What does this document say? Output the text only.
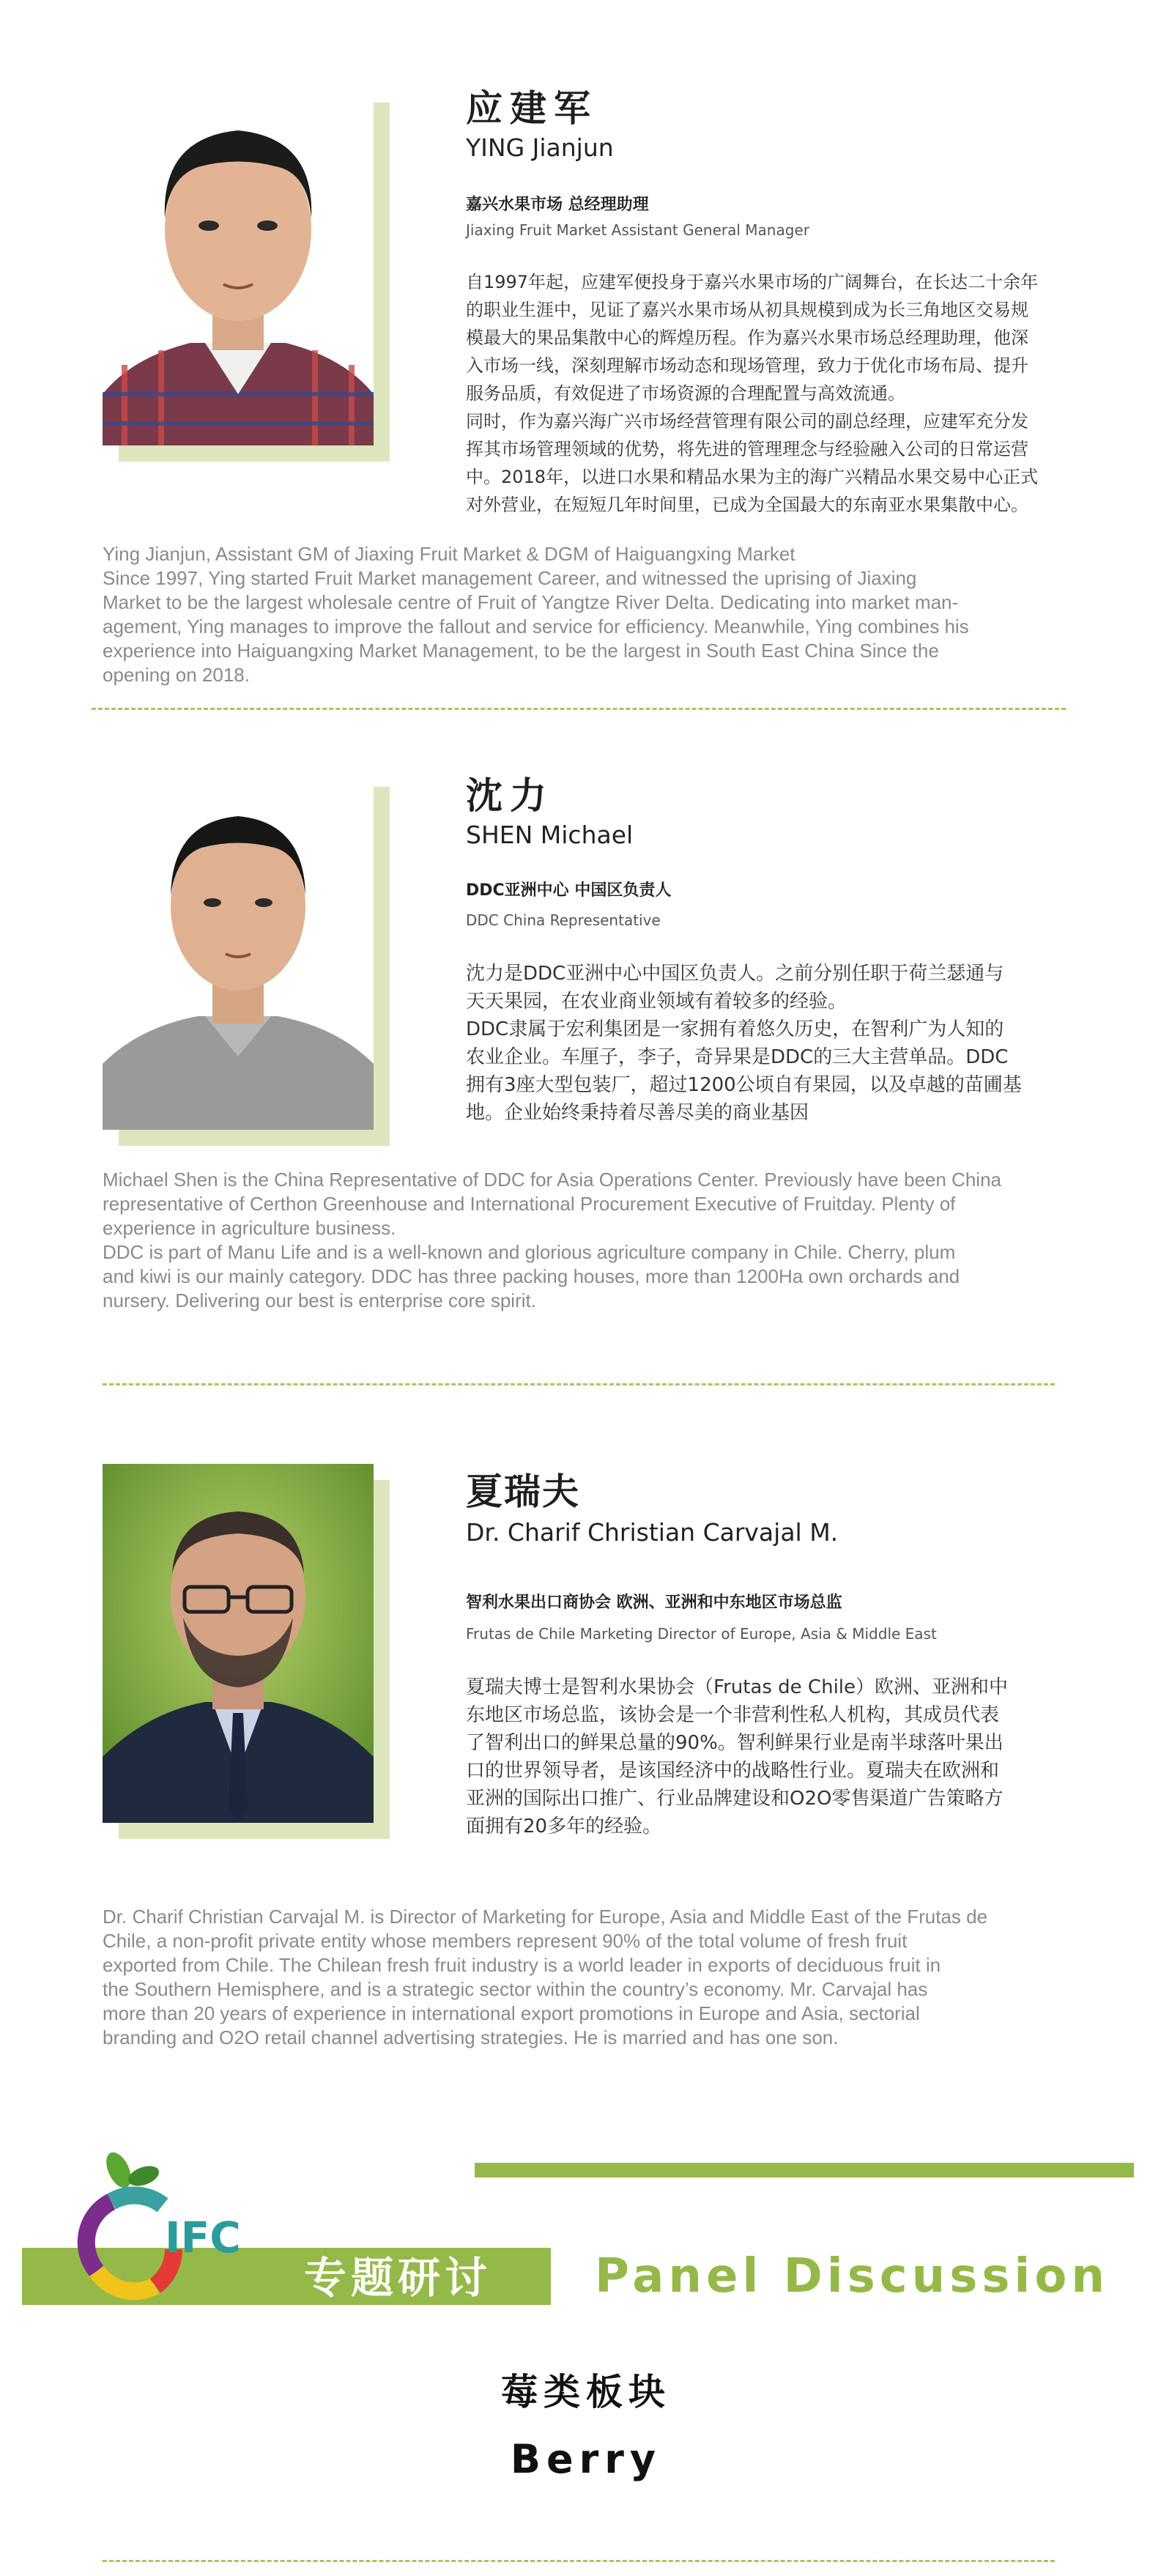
应建军
YING Jianjun
嘉兴水果市场 总经理助理
Jiaxing Fruit Market Assistant General Manager

自1997年起，应建军便投身于嘉兴水果市场的广阔舞台，在长达二十余年

的职业生涯中，见证了嘉兴水果市场从初具规模到成为长三角地区交易规

模最大的果品集散中心的辉煌历程。作为嘉兴水果市场总经理助理，他深

入市场一线，深刻理解市场动态和现场管理，致力于优化市场布局、提升

服务品质，有效促进了市场资源的合理配置与高效流通。

同时，作为嘉兴海广兴市场经营管理有限公司的副总经理，应建军充分发

挥其市场管理领域的优势，将先进的管理理念与经验融入公司的日常运营

中。2018年，以进口水果和精品水果为主的海广兴精品水果交易中心正式

对外营业，在短短几年时间里，已成为全国最大的东南亚水果集散中心。

Ying Jianjun, Assistant GM of Jiaxing Fruit Market & DGM of Haiguangxing Market

Since 1997, Ying started Fruit Market management Career, and witnessed the uprising of Jiaxing

Market to be the largest wholesale centre of Fruit of Yangtze River Delta. Dedicating into market man-

agement, Ying manages to improve the fallout and service for efficiency. Meanwhile, Ying combines his

experience into Haiguangxing Market Management, to be the largest in South East China Since the

opening on 2018.

沈力
SHEN Michael
DDC亚洲中心 中国区负责人
DDC China Representative

沈力是DDC亚洲中心中国区负责人。之前分别任职于荷兰瑟通与

天天果园，在农业商业领域有着较多的经验。

DDC隶属于宏利集团是一家拥有着悠久历史，在智利广为人知的

农业企业。车厘子，李子，奇异果是DDC的三大主营单品。DDC

拥有3座大型包装厂，超过1200公顷自有果园，以及卓越的苗圃基

地。企业始终秉持着尽善尽美的商业基因

Michael Shen is the China Representative of DDC for Asia Operations Center. Previously have been China

representative of Certhon Greenhouse and International Procurement Executive of Fruitday. Plenty of

experience in agriculture business.

DDC is part of Manu Life and is a well-known and glorious agriculture company in Chile. Cherry, plum

and kiwi is our mainly category. DDC has three packing houses, more than 1200Ha own orchards and

nursery. Delivering our best is enterprise core spirit.

夏瑞夫
Dr. Charif Christian Carvajal M.
智利水果出口商协会 欧洲、亚洲和中东地区市场总监
Frutas de Chile Marketing Director of Europe, Asia & Middle East

夏瑞夫博士是智利水果协会（Frutas de Chile）欧洲、亚洲和中

东地区市场总监，该协会是一个非营利性私人机构，其成员代表

了智利出口的鲜果总量的90%。智利鲜果行业是南半球落叶果出

口的世界领导者，是该国经济中的战略性行业。夏瑞夫在欧洲和

亚洲的国际出口推广、行业品牌建设和O2O零售渠道广告策略方

面拥有20多年的经验。

Dr. Charif Christian Carvajal M. is Director of Marketing for Europe, Asia and Middle East of the Frutas de

Chile, a non-profit private entity whose members represent 90% of the total volume of fresh fruit

exported from Chile. The Chilean fresh fruit industry is a world leader in exports of deciduous fruit in

the Southern Hemisphere, and is a strategic sector within the country’s economy. Mr. Carvajal has

more than 20 years of experience in international export promotions in Europe and Asia, sectorial

branding and O2O retail channel advertising strategies. He is married and has one son.

IFC
专题研讨 Panel Discussion
莓类板块
Berry
